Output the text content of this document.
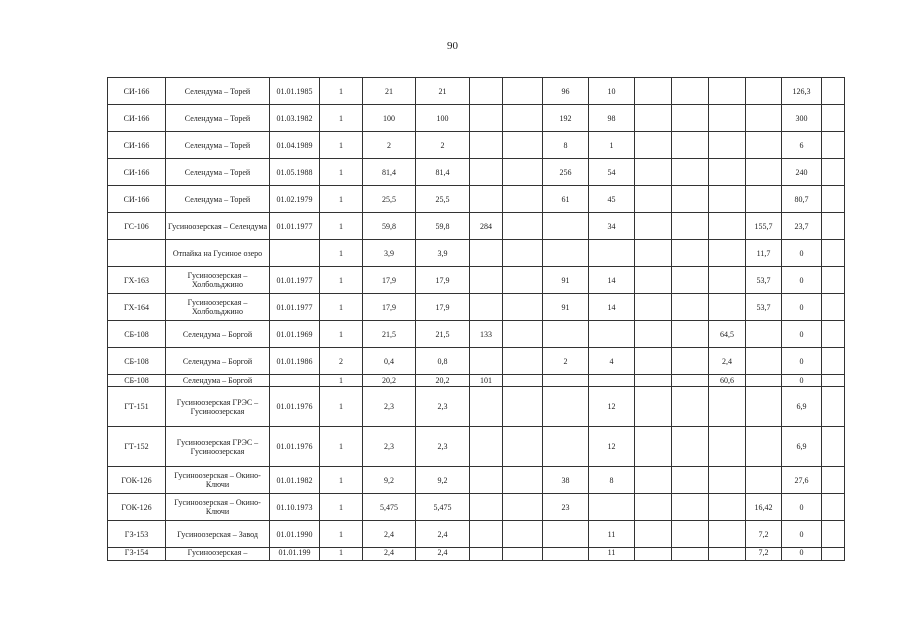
90
СИ-166	Селендума – Торей	01.01.1985	1	21	21			96	10					126,3	
СИ-166	Селендума – Торей	01.03.1982	1	100	100			192	98					300	
СИ-166	Селендума – Торей	01.04.1989	1	2	2			8	1					6	
СИ-166	Селендума – Торей	01.05.1988	1	81,4	81,4			256	54					240	
СИ-166	Селендума – Торей	01.02.1979	1	25,5	25,5			61	45					80,7	
ГС-106	Гусиноозерская – Селендума	01.01.1977	1	59,8	59,8	284			34				155,7	23,7	
	Отпайка на Гусиное озеро		1	3,9	3,9								11,7	0	
ГХ-163	Гусиноозерская – Холбольджино	01.01.1977	1	17,9	17,9			91	14				53,7	0	
ГХ-164	Гусиноозерская – Холбольджино	01.01.1977	1	17,9	17,9			91	14				53,7	0	
СБ-108	Селендума – Боргой	01.01.1969	1	21,5	21,5	133						64,5		0	
СБ-108	Селендума – Боргой	01.01.1986	2	0,4	0,8			2	4			2,4		0	
СБ-108	Селендума – Боргой		1	20,2	20,2	101						60,6		0	
ГТ-151	Гусиноозерская ГРЭС – Гусиноозерская	01.01.1976	1	2,3	2,3				12					6,9	
ГТ-152	Гусиноозерская ГРЭС – Гусиноозерская	01.01.1976	1	2,3	2,3				12					6,9	
ГОК-126	Гусиноозерская – Окино-Ключи	01.01.1982	1	9,2	9,2			38	8					27,6	
ГОК-126	Гусиноозерская – Окино-Ключи	01.10.1973	1	5,475	5,475			23					16,42	0	
ГЗ-153	Гусиноозерская – Завод	01.01.1990	1	2,4	2,4				11				7,2	0	
ГЗ-154	Гусиноозерская –	01.01.199	1	2,4	2,4				11				7,2	0	
